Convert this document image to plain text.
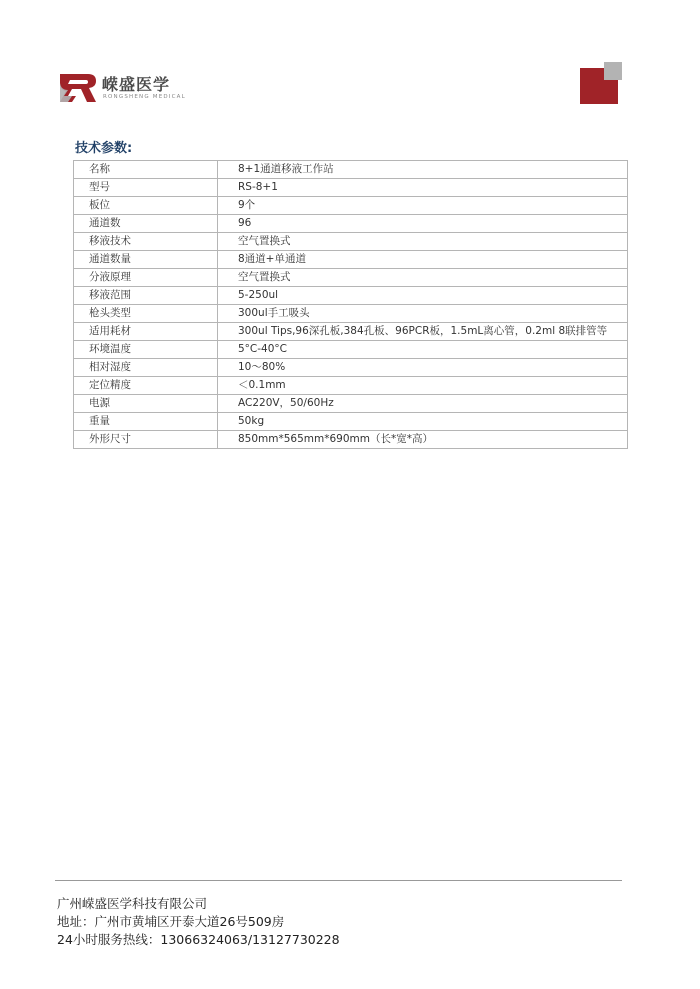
嵘盛医学
RONGSHENG MEDICAL
技术参数:
名称	8+1通道移液工作站
型号	RS-8+1
板位	9个
通道数	96
移液技术	空气置换式
通道数量	8通道+单通道
分液原理	空气置换式
移液范围	5-250ul
枪头类型	300ul手工吸头
适用耗材	300ul Tips,96深孔板,384孔板、96PCR板，1.5mL离心管，0.2ml 8联排管等
环境温度	5°C-40°C
相对湿度	10～80%
定位精度	＜0.1mm
电源	AC220V，50/60Hz
重量	50kg
外形尺寸	850mm*565mm*690mm（长*宽*高）
广州嵘盛医学科技有限公司
地址：广州市黄埔区开泰大道26号509房
24小时服务热线：13066324063/13127730228
